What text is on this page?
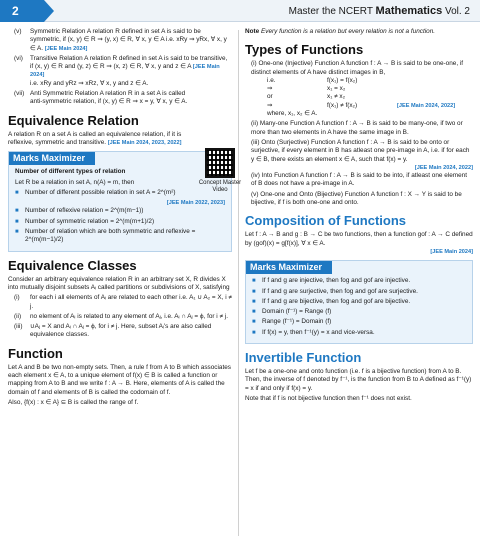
2	Master the NCERT Mathematics Vol. 2
(v)	Symmetric Relation A relation R defined in set A is said to be symmetric, if (x, y) ∈ R ⇒ (y, x) ∈ R, ∀ x, y ∈ A i.e. xRy ⇒ yRx, ∀ x, y ∈ A. [JEE Main 2024]
(vi)	Transitive Relation A relation R defined in set A is said to be transitive, if (x, y) ∈ R and (y, z) ∈ R ⇒ (x, z) ∈ R, ∀ x, y and z ∈ A [JEE Main 2024]
i.e. xRy and yRz ⇒ xRz, ∀ x, y and z ∈ A.
(vii) Anti Symmetric Relation A relation R in a set A is called anti-symmetric relation, if (x, y) ∈ R ⇒ x = y, ∀ x, y ∈ A.
Equivalence Relation
A relation R on a set A is called an equivalence relation, if it is reflexive, symmetric and transitive. [JEE Main 2024, 2023, 2022]
Marks Maximizer
Number of different types of relation
Let R be a relation in set A, n(A) = m, then
■ Number of different possible relation in set A = 2^(m²)
[JEE Main 2022, 2023]
■ Number of reflexive relation = 2^(m(m−1))
■ Number of symmetric relation = 2^(m(m+1)/2)
■ Number of relation which are both symmetric and reflexive = 2^(m(m−1)/2)
Equivalence Classes
Consider an arbitrary equivalence relation R in an arbitrary set X, R divides X into mutually disjoint subsets Aᵢ called partitions or subdivisions of X, satisfying
(i)	for each i all elements of Aᵢ are related to each other i.e. A₁ ∪ A₂ = X, i ≠ j.
(ii)	no element of Aᵢ is related to any element of Aⱼ, i.e. Aᵢ ∩ Aⱼ = ϕ, for i ≠ j.
(iii)	∪Aⱼ = X and Aᵢ ∩ Aⱼ = ϕ, for i ≠ j. Here, subset Aᵢ's are also called equivalence classes.
Function
Let A and B be two non-empty sets. Then, a rule f from A to B which associates each element x ∈ A, to a unique element of f(x) ∈ B is called a function or mapping from A to B and we write f : A → B. Here, elements of A is called the domain of f and elements of B is called the codomain of f.
Also, {f(x) : x ∈ A} ⊆ B is called the range of f.
Concept Master Video
Note Every function is a relation but every relation is not a function.
Types of Functions
(i) One-one (Injective) Function A function f : A → B is said to be one-one, if distinct elements of A have distinct images in B,
i.e.	f(x₁) = f(x₂)
⇒	x₁ = x₂
or	x₁ ≠ x₂
⇒	f(x₁) ≠ f(x₂)	[JEE Main 2024, 2022]
where, x₁, x₂ ∈ A.
(ii) Many-one Function A function f : A → B is said to be many-one, if two or more than two elements in A have the same image in B.
(iii) Onto (Surjective) Function A function f : A → B is said to be onto or surjective, if every element in B has atleast one pre-image in A, i.e. if for each y ∈ B, there exists an element x ∈ A, such that f(x) = y.
[JEE Main 2024, 2022]
(iv) Into Function A function f : A → B is said to be into, if atleast one element of B does not have a pre-image in A.
(v) One-one and Onto (Bijective) Function A function f : X → Y is said to be bijective, if f is both one-one and onto.
Composition of Functions
Let f : A → B and g : B → C be two functions, then a function gof : A → C defined by (gof)(x) = g[f(x)], ∀ x ∈ A.
[JEE Main 2024]
Marks Maximizer
■ If f and g are injective, then fog and gof are injective.
■ If f and g are surjective, then fog and gof are surjective.
■ If f and g are bijective, then fog and gof are bijective.
■ Domain (f⁻¹) = Range (f)
■ Range (f⁻¹) = Domain (f)
■ If f(x) = y, then f⁻¹(y) = x and vice-versa.
Invertible Function
Let f be a one-one and onto function (i.e. f is a bijective function) from A to B. Then, the inverse of f denoted by f⁻¹, is the function from B to A defined as f⁻¹(y) = x if and only if f(x) = y.
Note that if f is not bijective function then f⁻¹ does not exist.
